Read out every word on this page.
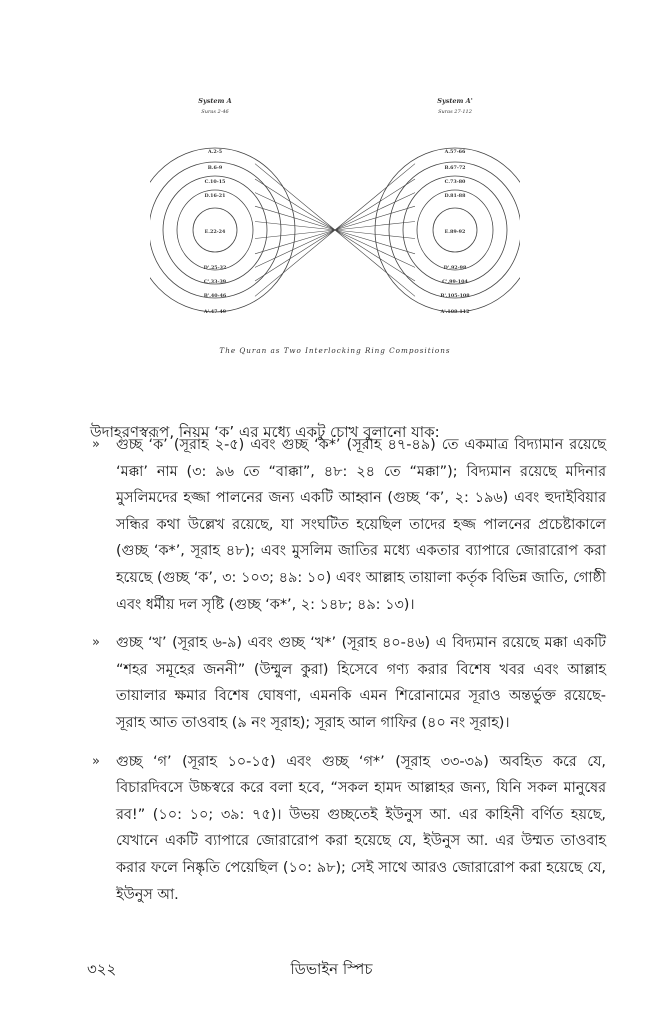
System A
Suras 2-46
System A'
Suras 27-112
A.2-5
B.6-9
C.10-15
D.16-21
E.22-24
D'.25-32
C'.33-39
B'.40-46
A'.47-49
A.57-66
B.67-72
C.73-80
D.81-88
E.89-92
D'.92-98
C'.99-104
B'.105-108
A'.109-112
The Quran as Two Interlocking Ring Compositions

উদাহরণস্বরূপ, নিয়ম ‘ক’ এর মধ্যে একটু চোখ বুলানো যাক:

» গুচ্ছ ‘ক’ (সূরাহ ২-৫) এবং গুচ্ছ ‘ক*’ (সূরাহ ৪৭-৪৯) তে একমাত্র বিদ্যামান রয়েছে ‘মক্কা’ নাম (৩: ৯৬ তে “বাক্কা”, ৪৮: ২৪ তে “মক্কা”); বিদ্যমান রয়েছে মদিনার মুসলিমদের হজ্জা পালনের জন্য একটি আহ্বান (গুচ্ছ ‘ক’, ২: ১৯৬) এবং হুদাইবিয়ার সন্ধির কথা উল্লেখ রয়েছে, যা সংঘটিত হয়েছিল তাদের হজ্জ পালনের প্রচেষ্টাকালে (গুচ্ছ ‘ক*’, সূরাহ ৪৮); এবং মুসলিম জাতির মধ্যে একতার ব্যাপারে জোরারোপ করা হয়েছে (গুচ্ছ ‘ক’, ৩: ১০৩; ৪৯: ১০) এবং আল্লাহ তায়ালা কর্তৃক বিভিন্ন জাতি, গোষ্ঠী এবং ধর্মীয় দল সৃষ্টি (গুচ্ছ ‘ক*’, ২: ১৪৮; ৪৯: ১৩)।
» গুচ্ছ ‘খ’ (সূরাহ ৬-৯) এবং গুচ্ছ ‘খ*’ (সূরাহ ৪০-৪৬) এ বিদ্যমান রয়েছে মক্কা একটি “শহর সমূহের জননী” (উম্মুল কুরা) হিসেবে গণ্য করার বিশেষ খবর এবং আল্লাহ তায়ালার ক্ষমার বিশেষ ঘোষণা, এমনকি এমন শিরোনামের সূরাও অন্তর্ভুক্ত রয়েছে- সূরাহ আত তাওবাহ (৯ নং সূরাহ); সূরাহ আল গাফির (৪০ নং সূরাহ)।
» গুচ্ছ ‘গ’ (সূরাহ ১০-১৫) এবং গুচ্ছ ‘গ*’ (সূরাহ ৩৩-৩৯) অবহিত করে যে, বিচারদিবসে উচ্চস্বরে করে বলা হবে, “সকল হামদ আল্লাহর জন্য, যিনি সকল মানুষের রব!” (১০: ১০; ৩৯: ৭৫)। উভয় গুচ্ছতেই ইউনুস আ. এর কাহিনী বর্ণিত হয়ছে, যেখানে একটি ব্যাপারে জোরারোপ করা হয়েছে যে, ইউনুস আ. এর উম্মত তাওবাহ করার ফলে নিষ্কৃতি পেয়েছিল (১০: ৯৮); সেই সাথে আরও জোরারোপ করা হয়েছে যে, ইউনুস আ.
৩২২	ডিভাইন স্পিচ
